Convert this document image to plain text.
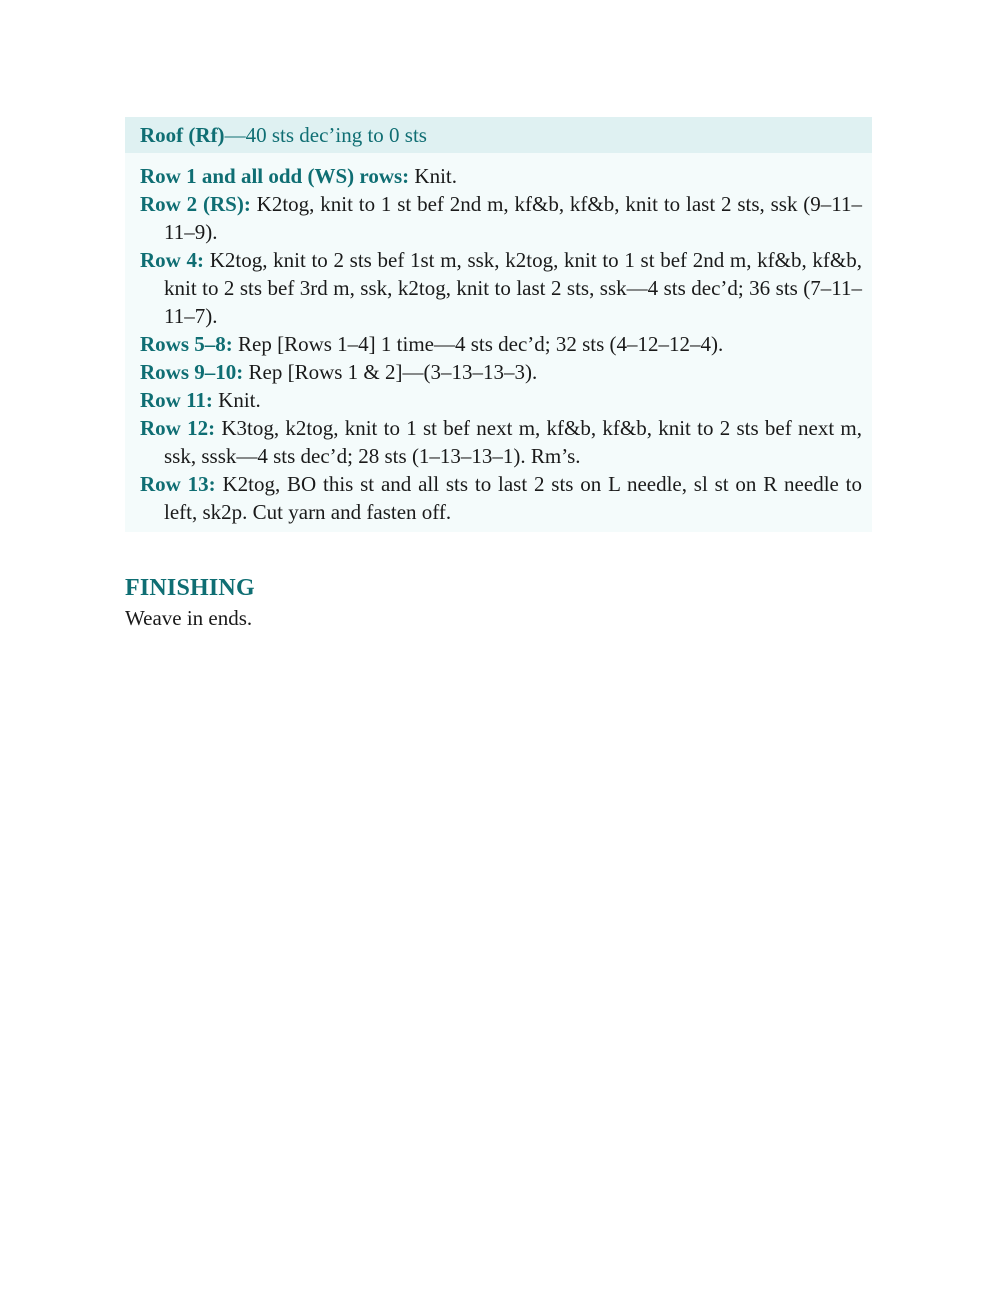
Roof (Rf)—40 sts dec’ing to 0 sts
Row 1 and all odd (WS) rows: Knit.
Row 2 (RS): K2tog, knit to 1 st bef 2nd m, kf&b, kf&b, knit to last 2 sts, ssk (9–11–11–9).
Row 4: K2tog, knit to 2 sts bef 1st m, ssk, k2tog, knit to 1 st bef 2nd m, kf&b, kf&b, knit to 2 sts bef 3rd m, ssk, k2tog, knit to last 2 sts, ssk—4 sts dec’d; 36 sts (7–11–11–7).
Rows 5–8: Rep [Rows 1–4] 1 time—4 sts dec’d; 32 sts (4–12–12–4).
Rows 9–10: Rep [Rows 1 & 2]—(3–13–13–3).
Row 11: Knit.
Row 12: K3tog, k2tog, knit to 1 st bef next m, kf&b, kf&b, knit to 2 sts bef next m, ssk, sssk—4 sts dec’d; 28 sts (1–13–13–1). Rm’s.
Row 13: K2tog, BO this st and all sts to last 2 sts on L needle, sl st on R needle to left, sk2p. Cut yarn and fasten off.
FINISHING
Weave in ends.
